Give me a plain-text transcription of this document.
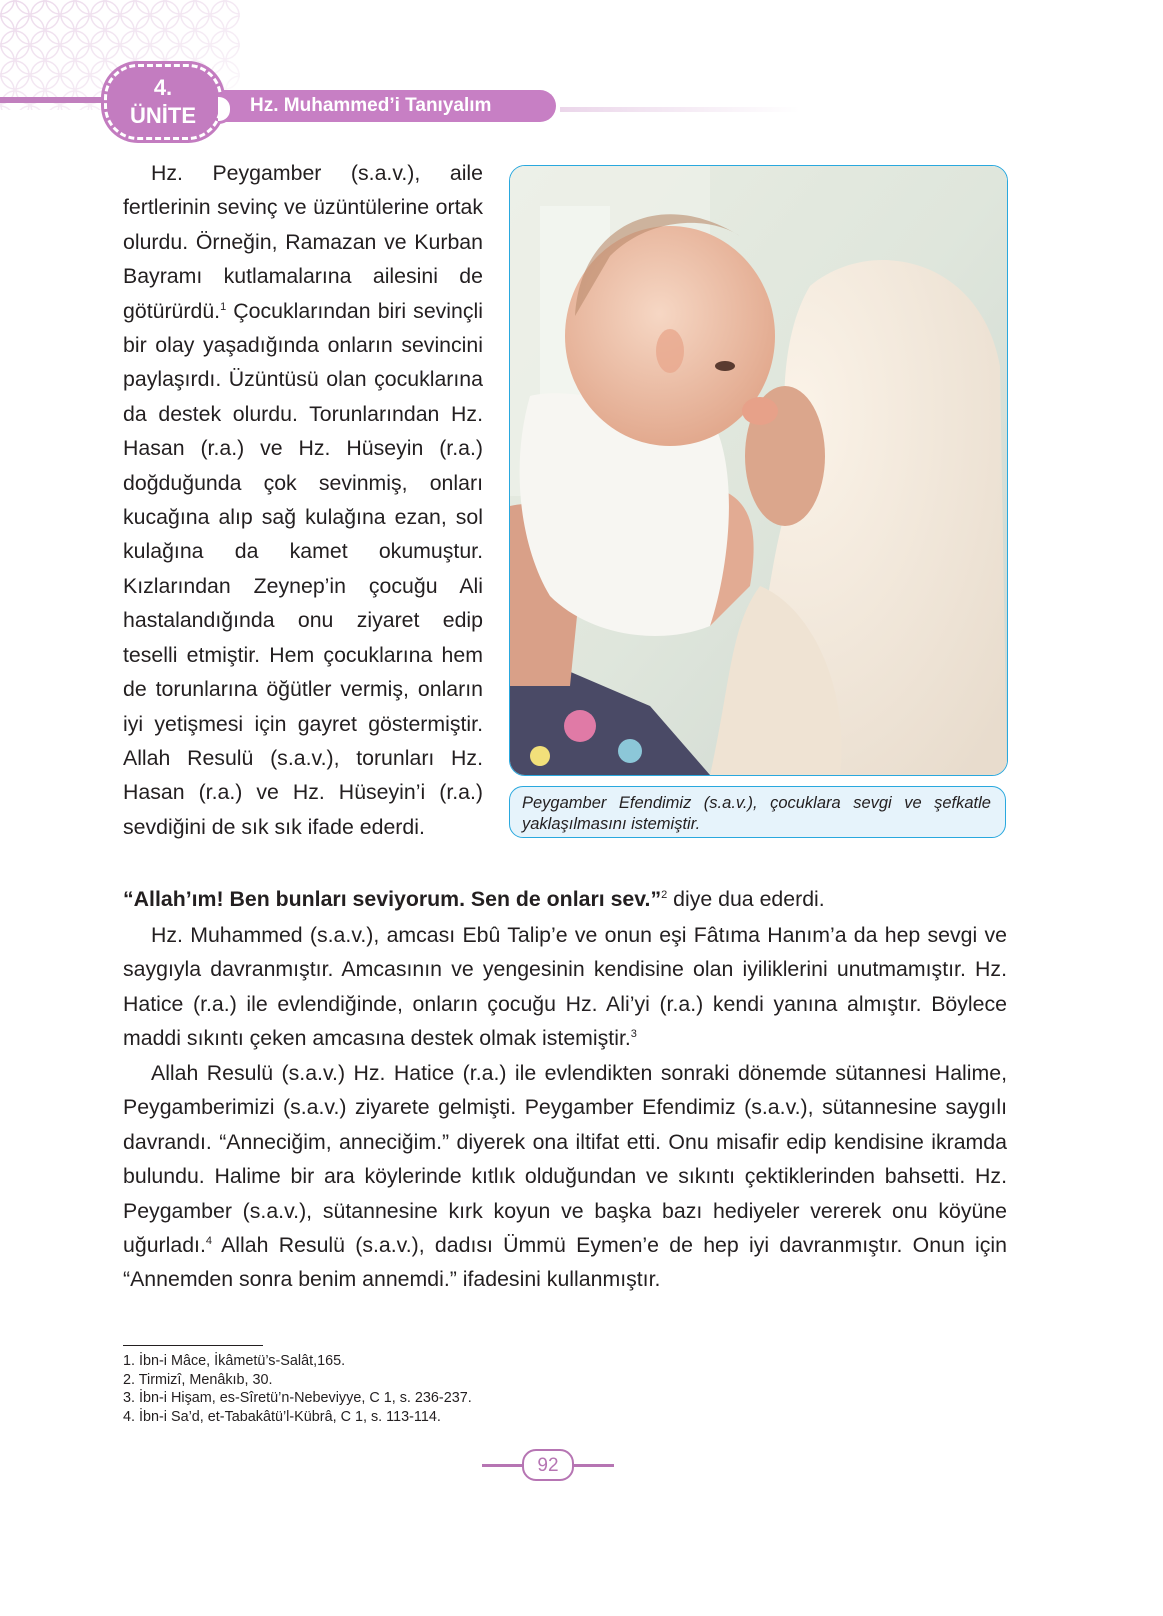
4.
ÜNİTE	Hz. Muhammed’i Tanıyalım

Hz. Peygamber (s.a.v.), aile fertlerinin sevinç ve üzüntülerine ortak olurdu. Örneğin, Ramazan ve Kurban Bayramı kutlamalarına ailesini de götürürdü.$^1$ Çocuklarından biri sevinçli bir olay yaşadığında onların sevincini paylaşırdı. Üzüntüsü olan çocuklarına da destek olurdu. Torunlarından Hz. Hasan (r.a.) ve Hz. Hüseyin (r.a.) doğduğunda çok sevinmiş, onları kucağına alıp sağ kulağına ezan, sol kulağına da kamet okumuştur. Kızlarından Zeynep’in çocuğu Ali hastalandığında onu ziyaret edip teselli etmiştir. Hem çocuklarına hem de torunlarına öğütler vermiş, onların iyi yetişmesi için gayret göstermiştir. Allah Resulü (s.a.v.), torunları Hz. Hasan (r.a.) ve Hz. Hüseyin’i (r.a.) sevdiğini de sık sık ifade ederdi.

Peygamber Efendimiz (s.a.v.), çocuklara sevgi ve şefkatle yaklaşılmasını istemiştir.

“Allah’ım! Ben bunları seviyorum. Sen de onları sev.”$^2$ diye dua ederdi.

Hz. Muhammed (s.a.v.), amcası Ebû Talip’e ve onun eşi Fâtıma Hanım’a da hep sevgi ve saygıyla davranmıştır. Amcasının ve yengesinin kendisine olan iyiliklerini unutmamıştır. Hz. Hatice (r.a.) ile evlendiğinde, onların çocuğu Hz. Ali’yi (r.a.) kendi yanına almıştır. Böylece maddi sıkıntı çeken amcasına destek olmak istemiştir.$^3$

Allah Resulü (s.a.v.) Hz. Hatice (r.a.) ile evlendikten sonraki dönemde sütannesi Halime, Peygamberimizi (s.a.v.) ziyarete gelmişti. Peygamber Efendimiz (s.a.v.), sütannesine saygılı davrandı. “Anneciğim, anneciğim.” diyerek ona iltifat etti. Onu misafir edip kendisine ikramda bulundu. Halime bir ara köylerinde kıtlık olduğundan ve sıkıntı çektiklerinden bahsetti. Hz. Peygamber (s.a.v.), sütannesine kırk koyun ve başka bazı hediyeler vererek onu köyüne uğurladı.$^4$ Allah Resulü (s.a.v.), dadısı Ümmü Eymen’e de hep iyi davranmıştır. Onun için “Annemden sonra benim annemdi.” ifadesini kullanmıştır.

1. İbn-i Mâce, İkâmetü’s-Salât,165.
2. Tirmizî, Menâkıb, 30.
3. İbn-i Hişam, es-Sîretü’n-Nebeviyye, C 1, s. 236-237.
4. İbn-i Sa’d, et-Tabakâtü’l-Kübrâ, C 1, s. 113-114.
92
